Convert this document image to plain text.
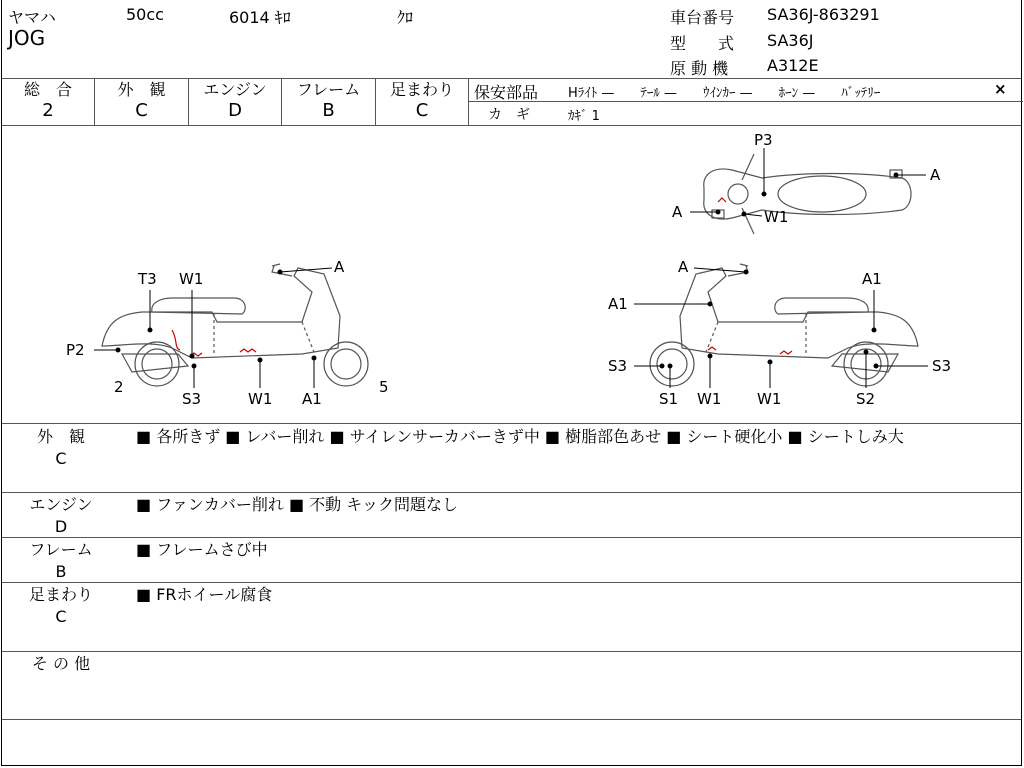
ヤマハ	50cc	6014 ｷﾛ	ｸﾛ
JOG
車台番号 SA36J-863291
型　　式 SA36J
原 動 機 A312E
総　合
2
外　観
C
エンジン
D
フレーム
B
足まわり
C
保安部品 Hﾗｲﾄ —　　ﾃｰﾙ —　　ｳｲﾝｶｰ —　　ﾎｰﾝ —　　ﾊﾞｯﾃﾘｰ	×
カ　ギ	ｶｷﾞ 1
T3 W1
A
P2
2
S3	W1 A1
5
A
A1
A1
S3	S3
S1 W1 W1	S2
P3
A
A	W1
外　観
C
■ 各所きず ■ レバー削れ ■ サイレンサーカバーきず中 ■ 樹脂部色あせ ■ シート硬化小 ■ シートしみ大
エンジン
D
■ ファンカバー削れ ■ 不動 キック問題なし
フレーム
B
■ フレームさび中
足まわり
C
■ FRホイール腐食
そ の 他
